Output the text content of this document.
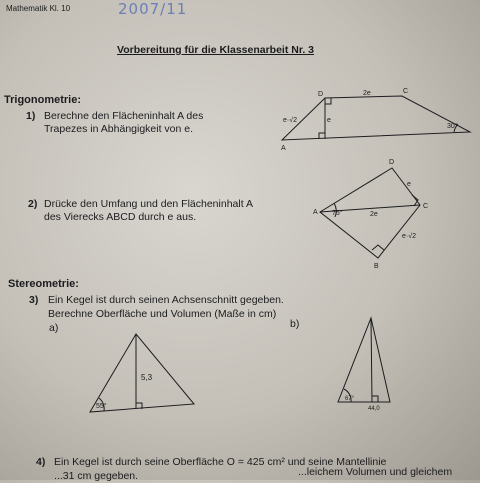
Mathematik Kl. 10	2007/11
Vorbereitung für die Klassenarbeit Nr. 3
Trigonometrie:
1) Berechne den Flächeninhalt A des
Trapezes in Abhängigkeit von e.
2) Drücke den Umfang und den Flächeninhalt A
des Vierecks ABCD durch e aus.
Stereometrie:
3) Ein Kegel ist durch seinen Achsenschnitt gegeben.
Berechne Oberfläche und Volumen (Maße in cm)
a)	b)
4) Ein Kegel ist durch seine Oberfläche O = 425 cm² und seine Mantellinie
...31 cm gegeben.	...leichem Volumen und gleichem
D	C
A
2e
e·√2	e
30°
A
B
C
D
75°	2e
e
e·√2
5,3
55°
67°
44,0
